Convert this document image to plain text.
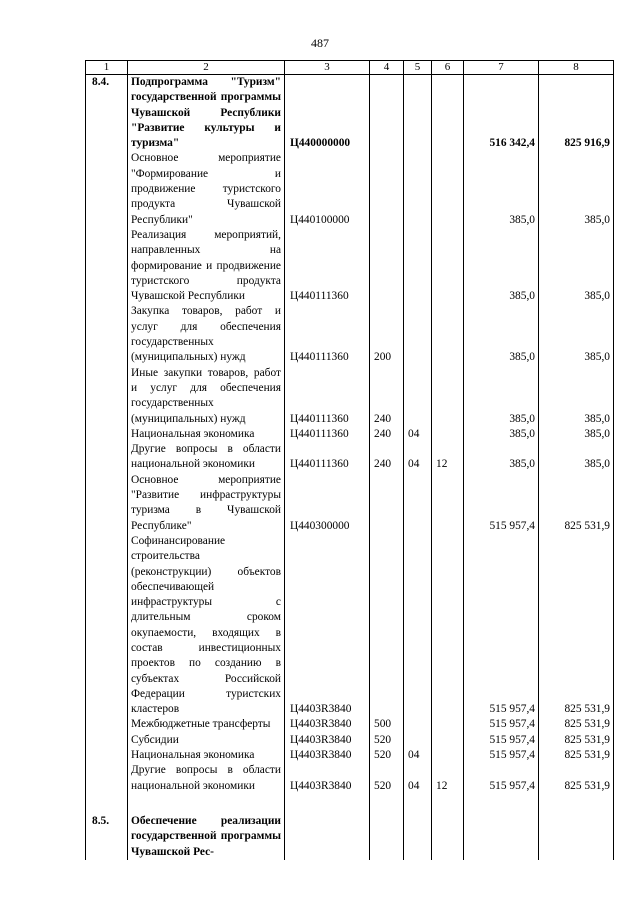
487
1	2	3	4	5	6	7	8
8.4.	Подпрограмма "Туризм" государственной программы Чувашской Республики "Развитие культуры и туризма"	Ц440000000				516 342,4	825 916,9
	Основное мероприятие "Формирование и продвижение туристского продукта Чувашской Республики"	Ц440100000				385,0	385,0
	Реализация мероприятий, направленных на формирование и продвижение туристского продукта Чувашской Республики	Ц440111360				385,0	385,0
	Закупка товаров, работ и услуг для обеспечения государственных (муниципальных) нужд	Ц440111360	200			385,0	385,0
	Иные закупки товаров, работ и услуг для обеспечения государственных (муниципальных) нужд	Ц440111360	240			385,0	385,0
	Национальная экономика	Ц440111360	240	04		385,0	385,0
	Другие вопросы в области национальной экономики	Ц440111360	240	04	12	385,0	385,0
	Основное мероприятие "Развитие инфраструктуры туризма в Чувашской Республике"	Ц440300000				515 957,4	825 531,9
	Софинансирование строительства (реконструкции) объектов обеспечивающей инфраструктуры с длительным сроком окупаемости, входящих в состав инвестиционных проектов по созданию в субъектах Российской Федерации туристских кластеров	Ц4403R3840				515 957,4	825 531,9
	Межбюджетные трансферты	Ц4403R3840	500			515 957,4	825 531,9
	Субсидии	Ц4403R3840	520			515 957,4	825 531,9
	Национальная экономика	Ц4403R3840	520	04		515 957,4	825 531,9
	Другие вопросы в области национальной экономики	Ц4403R3840	520	04	12	515 957,4	825 531,9

8.5.	Обеспечение реализации государственной программы Чувашской Рес-						
